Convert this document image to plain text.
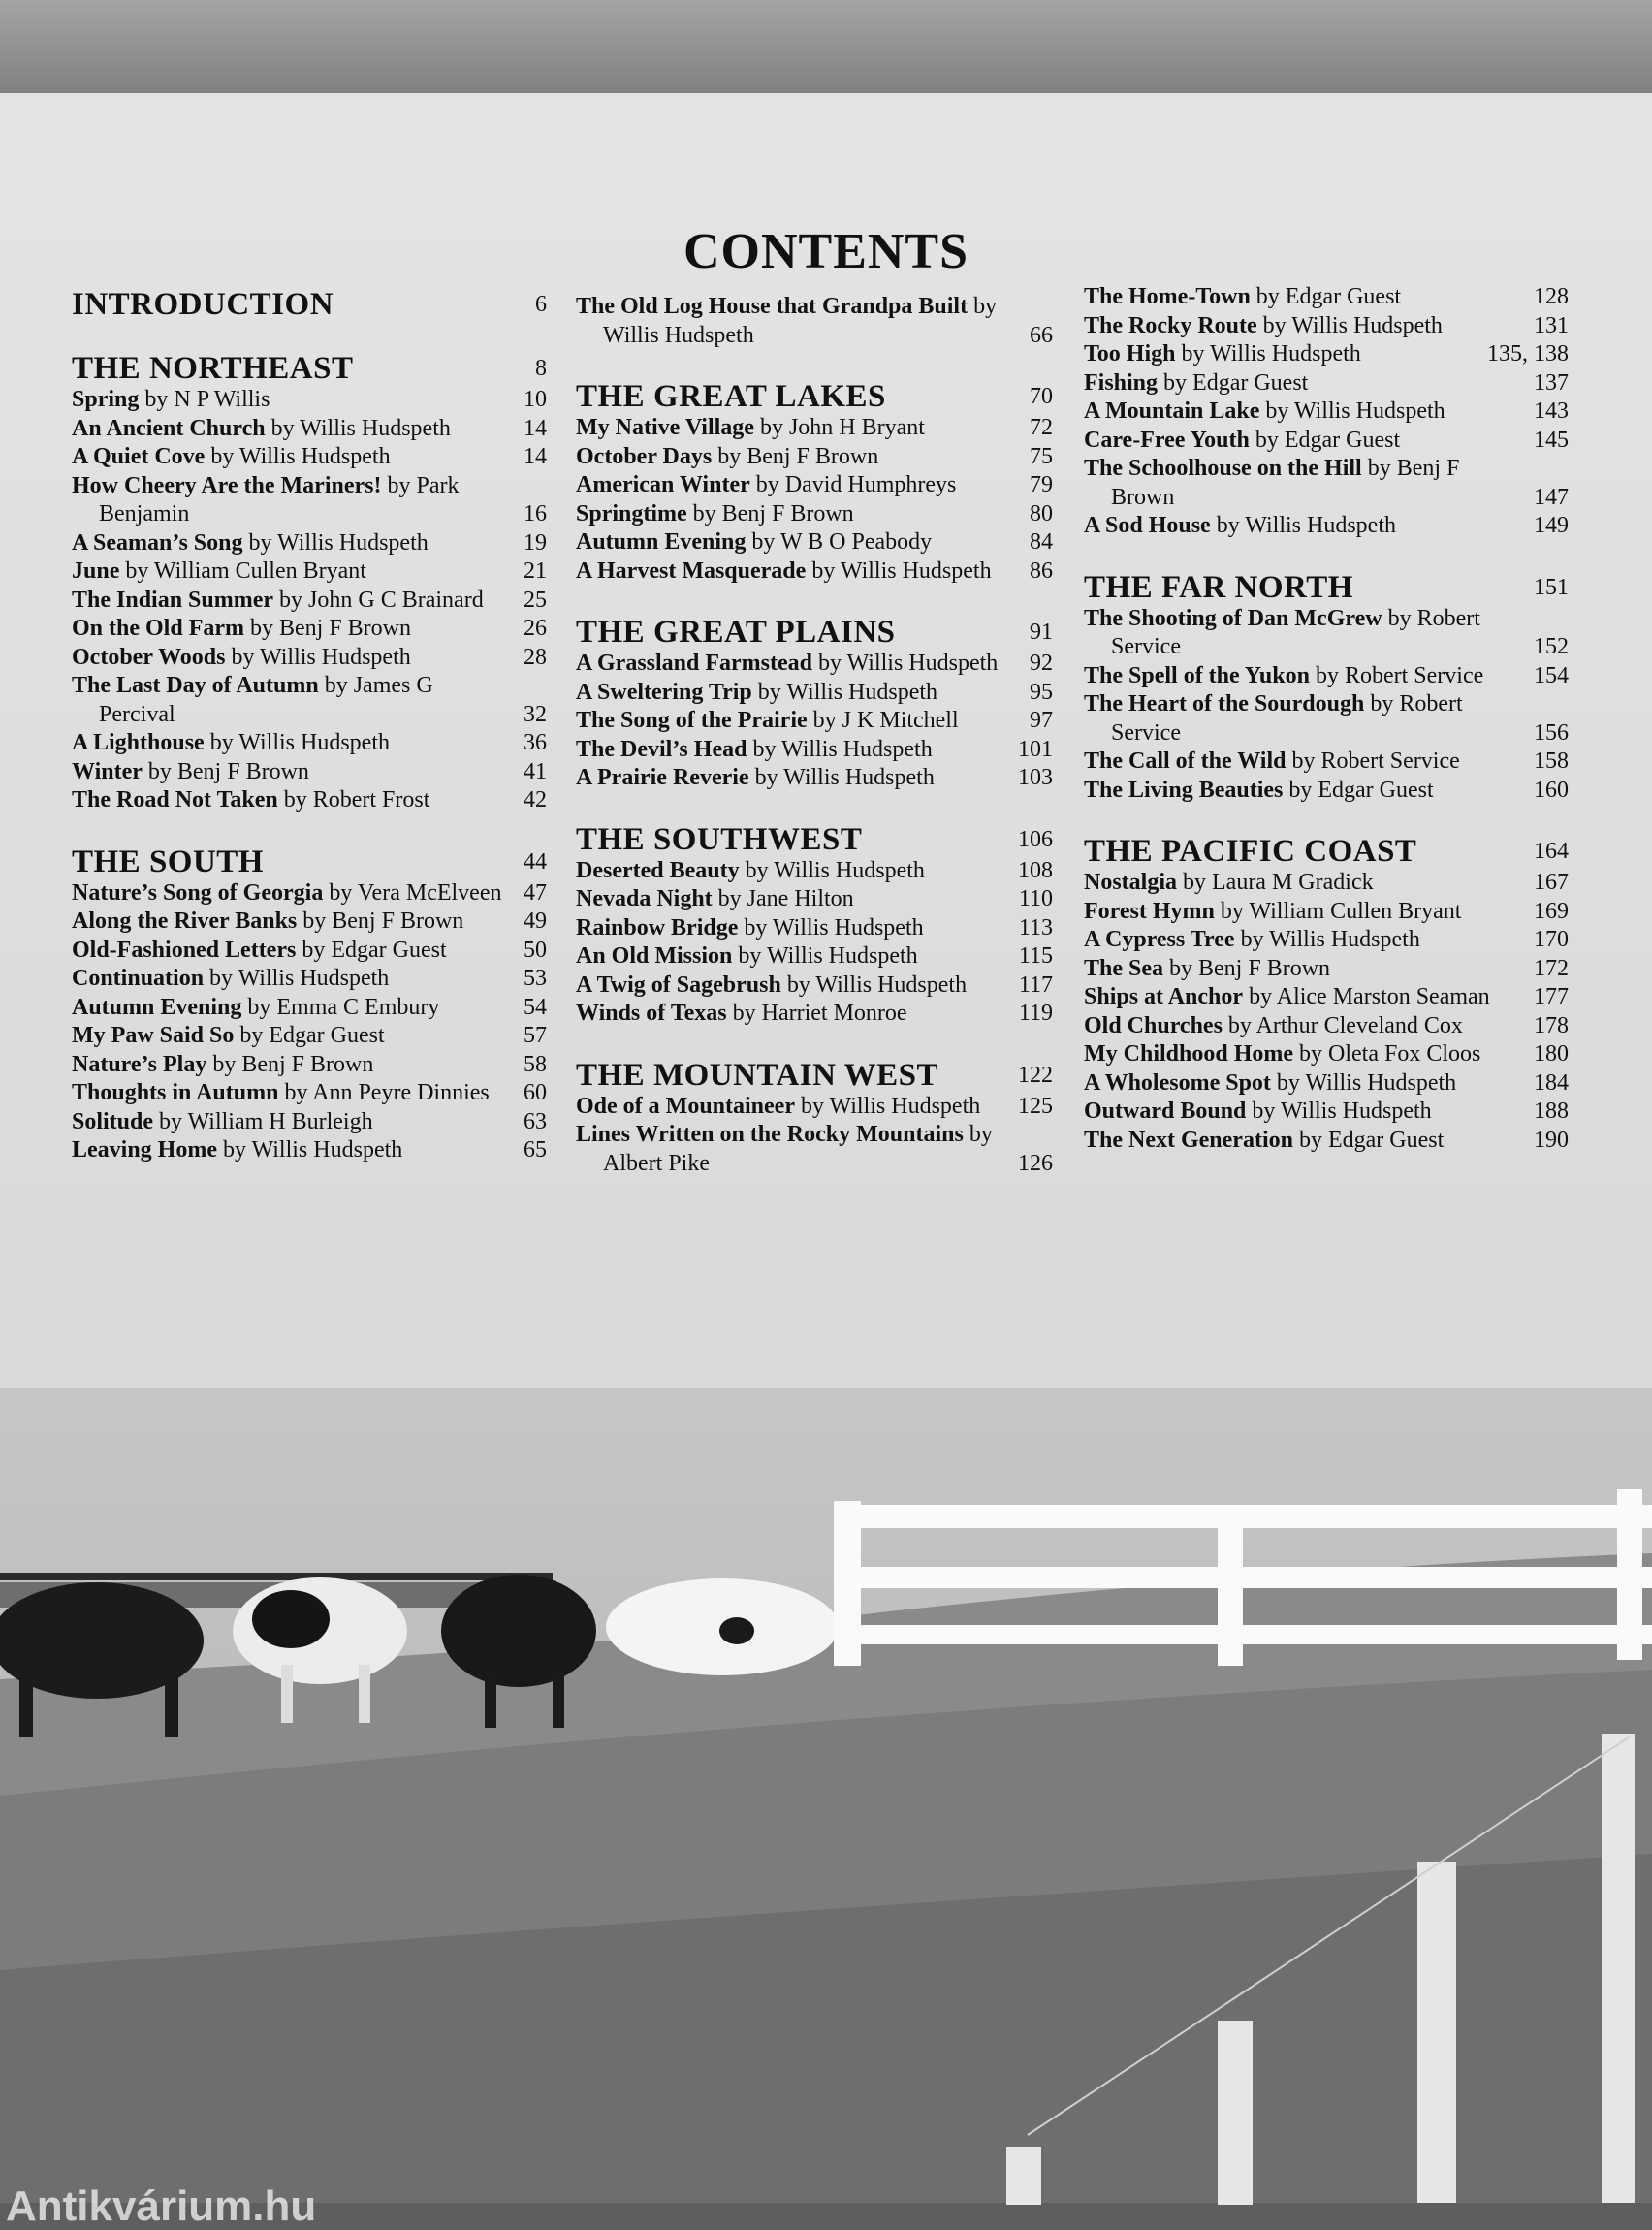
CONTENTS
INTRODUCTION	6
THE NORTHEAST	8
Spring by N P Willis	10
An Ancient Church by Willis Hudspeth	14
A Quiet Cove by Willis Hudspeth	14
How Cheery Are the Mariners! by Park Benjamin	16
A Seaman’s Song by Willis Hudspeth	19
June by William Cullen Bryant	21
The Indian Summer by John G C Brainard	25
On the Old Farm by Benj F Brown	26
October Woods by Willis Hudspeth	28
The Last Day of Autumn by James G Percival	32
A Lighthouse by Willis Hudspeth	36
Winter by Benj F Brown	41
The Road Not Taken by Robert Frost	42
THE SOUTH	44
Nature’s Song of Georgia by Vera McElveen 47
Along the River Banks by Benj F Brown	49
Old-Fashioned Letters by Edgar Guest	50
Continuation by Willis Hudspeth	53
Autumn Evening by Emma C Embury	54
My Paw Said So by Edgar Guest	57
Nature’s Play by Benj F Brown	58
Thoughts in Autumn by Ann Peyre Dinnies	60
Solitude by William H Burleigh	63
Leaving Home by Willis Hudspeth	65
The Old Log House that Grandpa Built by Willis Hudspeth	66
THE GREAT LAKES	70
My Native Village by John H Bryant	72
October Days by Benj F Brown	75
American Winter by David Humphreys	79
Springtime by Benj F Brown	80
Autumn Evening by W B O Peabody	84
A Harvest Masquerade by Willis Hudspeth	86
THE GREAT PLAINS	91
A Grassland Farmstead by Willis Hudspeth	92
A Sweltering Trip by Willis Hudspeth	95
The Song of the Prairie by J K Mitchell	97
The Devil’s Head by Willis Hudspeth	101
A Prairie Reverie by Willis Hudspeth	103
THE SOUTHWEST	106
Deserted Beauty by Willis Hudspeth	108
Nevada Night by Jane Hilton	110
Rainbow Bridge by Willis Hudspeth	113
An Old Mission by Willis Hudspeth	115
A Twig of Sagebrush by Willis Hudspeth	117
Winds of Texas by Harriet Monroe	119
THE MOUNTAIN WEST	122
Ode of a Mountaineer by Willis Hudspeth	125
Lines Written on the Rocky Mountains by Albert Pike	126
The Home-Town by Edgar Guest	128
The Rocky Route by Willis Hudspeth	131
Too High by Willis Hudspeth	135, 138
Fishing by Edgar Guest	137
A Mountain Lake by Willis Hudspeth	143
Care-Free Youth by Edgar Guest	145
The Schoolhouse on the Hill by Benj F Brown	147
A Sod House by Willis Hudspeth	149
THE FAR NORTH	151
The Shooting of Dan McGrew by Robert Service	152
The Spell of the Yukon by Robert Service	154
The Heart of the Sourdough by Robert Service	156
The Call of the Wild by Robert Service	158
The Living Beauties by Edgar Guest	160
THE PACIFIC COAST	164
Nostalgia by Laura M Gradick	167
Forest Hymn by William Cullen Bryant	169
A Cypress Tree by Willis Hudspeth	170
The Sea by Benj F Brown	172
Ships at Anchor by Alice Marston Seaman	177
Old Churches by Arthur Cleveland Cox	178
My Childhood Home by Oleta Fox Cloos	180
A Wholesome Spot by Willis Hudspeth	184
Outward Bound by Willis Hudspeth	188
The Next Generation by Edgar Guest	190
Antikvárium.hu
